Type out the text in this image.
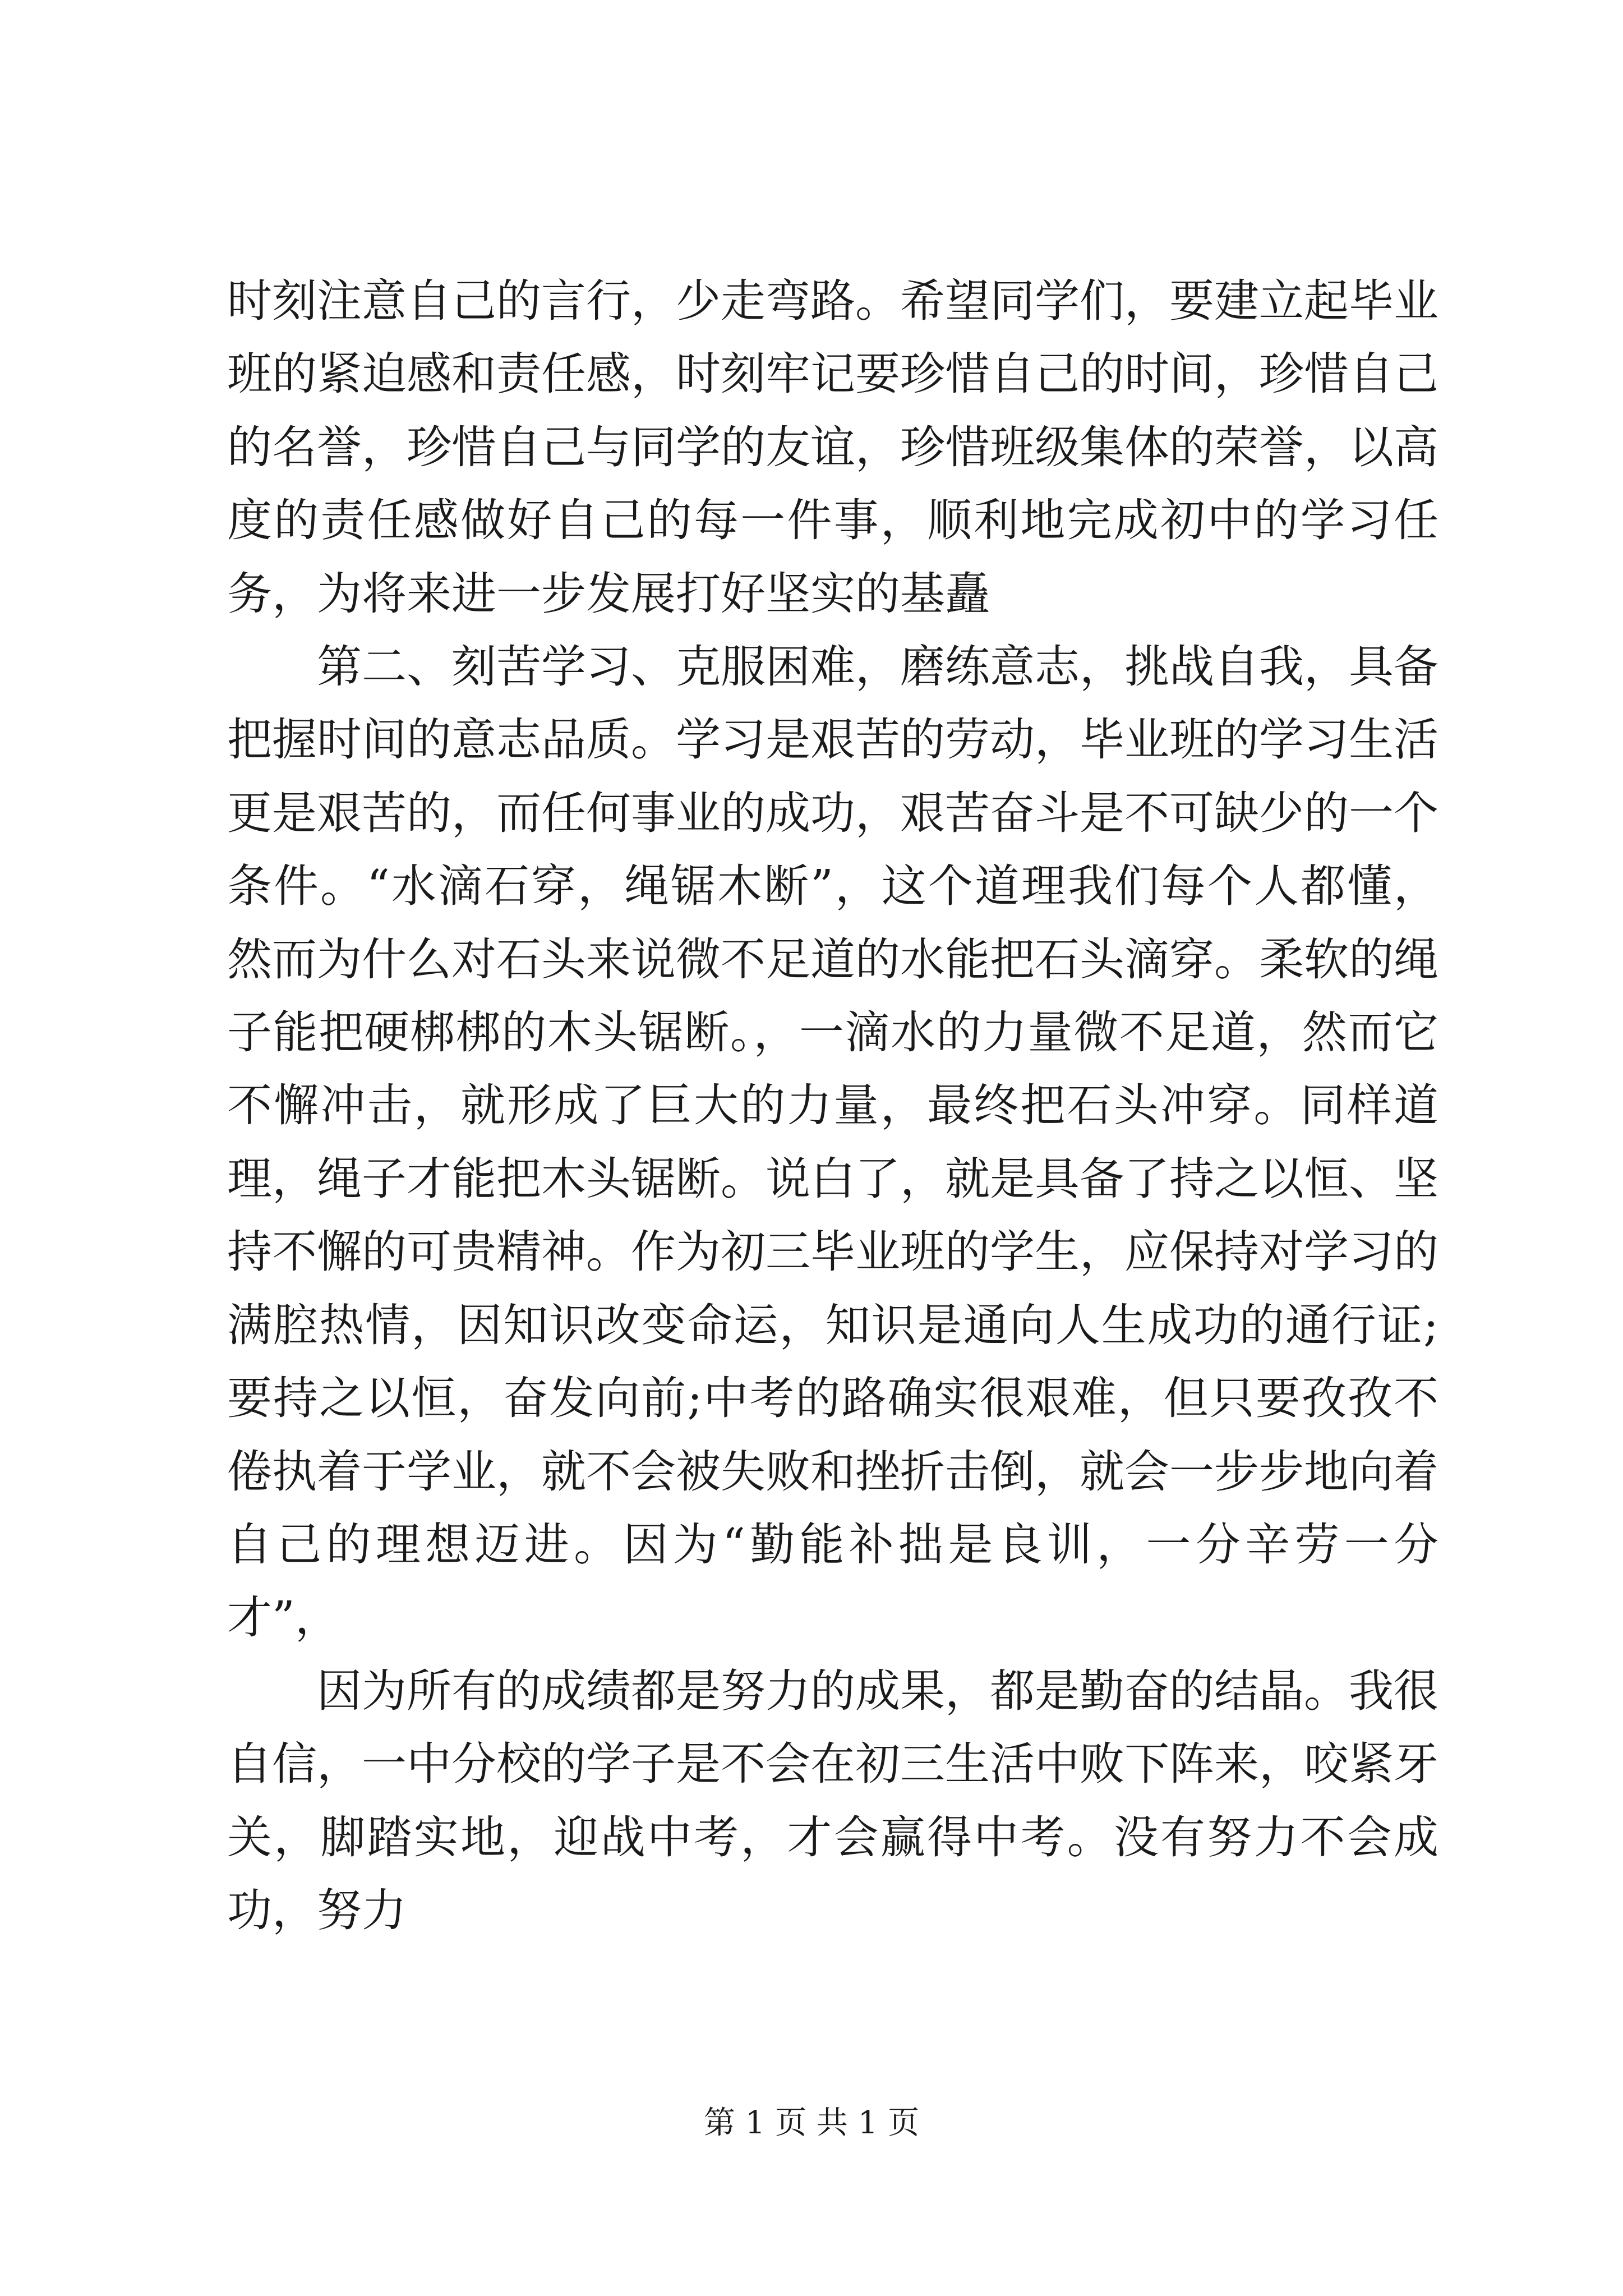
时刻注意自己的言行，少走弯路。希望同学们，要建立起毕业班的紧迫感和责任感，时刻牢记要珍惜自己的时间，珍惜自己的名誉，珍惜自己与同学的友谊，珍惜班级集体的荣誉，以高度的责任感做好自己的每一件事，顺利地完成初中的学习任务，为将来进一步发展打好坚实的基矗

第二、刻苦学习、克服困难，磨练意志，挑战自我，具备把握时间的意志品质。学习是艰苦的劳动，毕业班的学习生活更是艰苦的，而任何事业的成功，艰苦奋斗是不可缺少的一个条件。“水滴石穿，绳锯木断”，这个道理我们每个人都懂，然而为什么对石头来说微不足道的水能把石头滴穿。柔软的绳子能把硬梆梆的木头锯断。，一滴水的力量微不足道，然而它不懈冲击，就形成了巨大的力量，最终把石头冲穿。同样道理，绳子才能把木头锯断。说白了，就是具备了持之以恒、坚持不懈的可贵精神。作为初三毕业班的学生，应保持对学习的满腔热情，因知识改变命运，知识是通向人生成功的通行证;要持之以恒，奋发向前;中考的路确实很艰难，但只要孜孜不倦执着于学业，就不会被失败和挫折击倒，就会一步步地向着自己的理想迈进。因为“勤能补拙是良训，一分辛劳一分才”，

因为所有的成绩都是努力的成果，都是勤奋的结晶。我很自信，一中分校的学子是不会在初三生活中败下阵来，咬紧牙关，脚踏实地，迎战中考，才会赢得中考。没有努力不会成功，努力

第 1 页 共 1 页
